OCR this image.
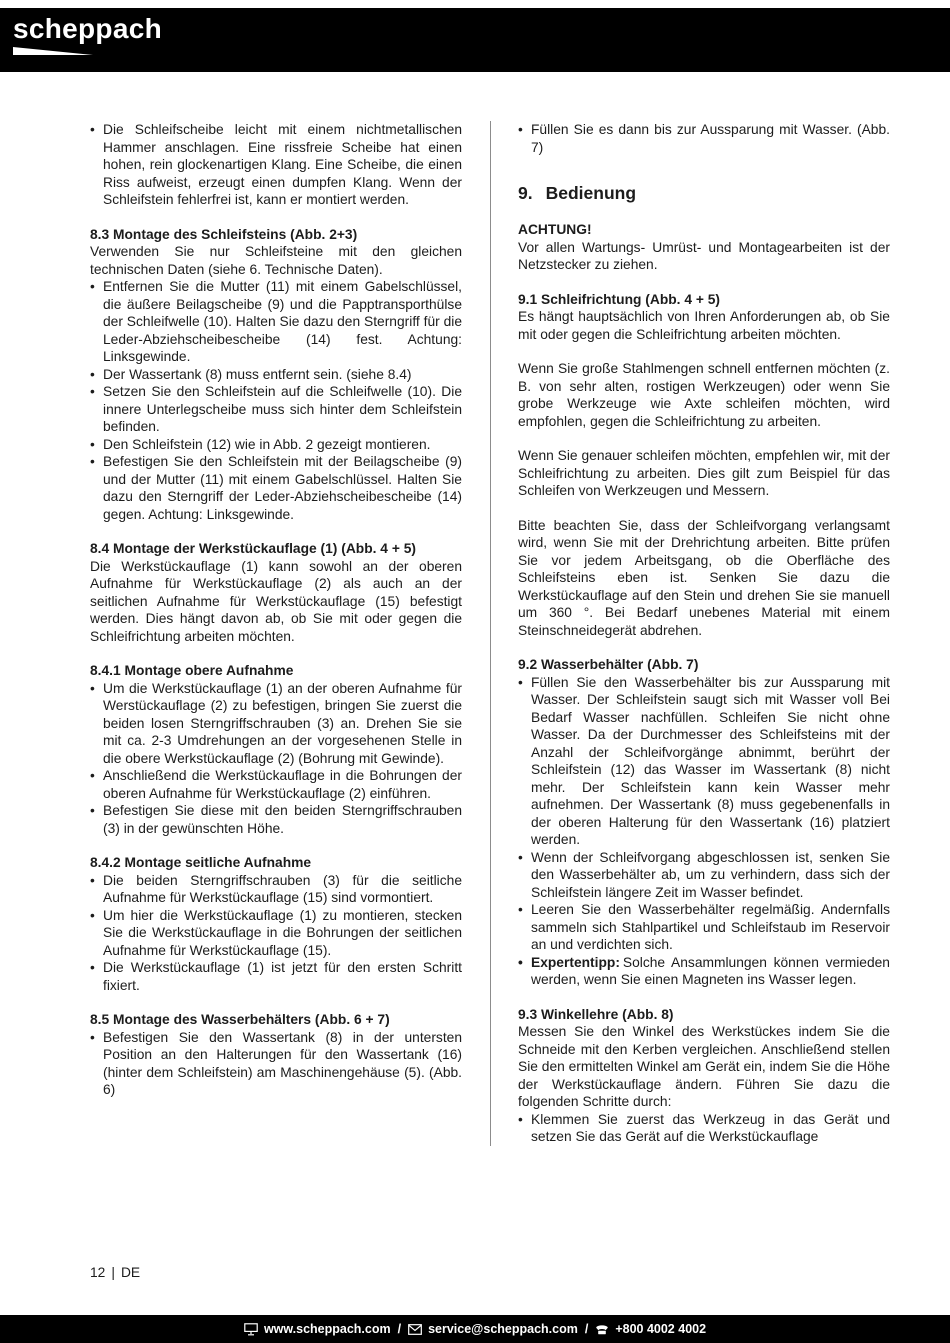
scheppach
• Die Schleifscheibe leicht mit einem nichtmetallischen Hammer anschlagen. Eine rissfreie Scheibe hat einen hohen, rein glockenartigen Klang. Eine Scheibe, die einen Riss aufweist, erzeugt einen dumpfen Klang. Wenn der Schleifstein fehlerfrei ist, kann er montiert werden.
8.3 Montage des Schleifsteins (Abb. 2+3)

Verwenden Sie nur Schleifsteine mit den gleichen technischen Daten (siehe 6. Technische Daten).

• Entfernen Sie die Mutter (11) mit einem Gabelschlüssel, die äußere Beilagscheibe (9) und die Papptransporthülse der Schleifwelle (10). Halten Sie dazu den Sterngriff für die Leder-Abziehscheibescheibe (14) fest. Achtung: Linksgewinde.
• Der Wassertank (8) muss entfernt sein. (siehe 8.4)
• Setzen Sie den Schleifstein auf die Schleifwelle (10). Die innere Unterlegscheibe muss sich hinter dem Schleifstein befinden.
• Den Schleifstein (12) wie in Abb. 2 gezeigt montieren.
• Befestigen Sie den Schleifstein mit der Beilagscheibe (9) und der Mutter (11) mit einem Gabelschlüssel. Halten Sie dazu den Sterngriff der Leder-Abziehscheibescheibe (14) gegen. Achtung: Linksgewinde.
8.4 Montage der Werkstückauflage (1) (Abb. 4 + 5)

Die Werkstückauflage (1) kann sowohl an der oberen Aufnahme für Werkstückauflage (2) als auch an der seitlichen Aufnahme für Werkstückauflage (15) befestigt werden. Dies hängt davon ab, ob Sie mit oder gegen die Schleifrichtung arbeiten möchten.

8.4.1 Montage obere Aufnahme
• Um die Werkstückauflage (1) an der oberen Aufnahme für Werstückauflage (2) zu befestigen, bringen Sie zuerst die beiden losen Sterngriffschrauben (3) an. Drehen Sie sie mit ca. 2-3 Umdrehungen an der vorgesehenen Stelle in die obere Werkstückauflage (2) (Bohrung mit Gewinde).
• Anschließend die Werkstückauflage in die Bohrungen der oberen Aufnahme für Werkstückauflage (2) einführen.
• Befestigen Sie diese mit den beiden Sterngriffschrauben (3) in der gewünschten Höhe.
8.4.2 Montage seitliche Aufnahme
• Die beiden Sterngriffschrauben (3) für die seitliche Aufnahme für Werkstückauflage (15) sind vormontiert.
• Um hier die Werkstückauflage (1) zu montieren, stecken Sie die Werkstückauflage in die Bohrungen der seitlichen Aufnahme für Werkstückauflage (15).
• Die Werkstückauflage (1) ist jetzt für den ersten Schritt fixiert.
8.5 Montage des Wasserbehälters (Abb. 6 + 7)
• Befestigen Sie den Wassertank (8) in der untersten Position an den Halterungen für den Wassertank (16) (hinter dem Schleifstein) am Maschinengehäuse (5). (Abb. 6)
• Füllen Sie es dann bis zur Aussparung mit Wasser. (Abb. 7)
9. Bedienung
ACHTUNG!

Vor allen Wartungs- Umrüst- und Montagearbeiten ist der Netzstecker zu ziehen.

9.1 Schleifrichtung (Abb. 4 + 5)

Es hängt hauptsächlich von Ihren Anforderungen ab, ob Sie mit oder gegen die Schleifrichtung arbeiten möchten.

Wenn Sie große Stahlmengen schnell entfernen möchten (z. B. von sehr alten, rostigen Werkzeugen) oder wenn Sie grobe Werkzeuge wie Axte schleifen möchten, wird empfohlen, gegen die Schleifrichtung zu arbeiten.

Wenn Sie genauer schleifen möchten, empfehlen wir, mit der Schleifrichtung zu arbeiten. Dies gilt zum Beispiel für das Schleifen von Werkzeugen und Messern.

Bitte beachten Sie, dass der Schleifvorgang verlangsamt wird, wenn Sie mit der Drehrichtung arbeiten. Bitte prüfen Sie vor jedem Arbeitsgang, ob die Oberfläche des Schleifsteins eben ist. Senken Sie dazu die Werkstückauflage auf den Stein und drehen Sie sie manuell um 360 °. Bei Bedarf unebenes Material mit einem Steinschneidegerät abdrehen.

9.2 Wasserbehälter (Abb. 7)
• Füllen Sie den Wasserbehälter bis zur Aussparung mit Wasser. Der Schleifstein saugt sich mit Wasser voll Bei Bedarf Wasser nachfüllen. Schleifen Sie nicht ohne Wasser. Da der Durchmesser des Schleifsteins mit der Anzahl der Schleifvorgänge abnimmt, berührt der Schleifstein (12) das Wasser im Wassertank (8) nicht mehr. Der Schleifstein kann kein Wasser mehr aufnehmen. Der Wassertank (8) muss gegebenenfalls in der oberen Halterung für den Wassertank (16) platziert werden.
• Wenn der Schleifvorgang abgeschlossen ist, senken Sie den Wasserbehälter ab, um zu verhindern, dass sich der Schleifstein längere Zeit im Wasser befindet.
• Leeren Sie den Wasserbehälter regelmäßig. Andernfalls sammeln sich Stahlpartikel und Schleifstaub im Reservoir an und verdichten sich.
• Expertentipp: Solche Ansammlungen können vermieden werden, wenn Sie einen Magneten ins Wasser legen.
9.3 Winkellehre (Abb. 8)

Messen Sie den Winkel des Werkstückes indem Sie die Schneide mit den Kerben vergleichen. Anschließend stellen Sie den ermittelten Winkel am Gerät ein, indem Sie die Höhe der Werkstückauflage ändern. Führen Sie dazu die folgenden Schritte durch:

• Klemmen Sie zuerst das Werkzeug in das Gerät und setzen Sie das Gerät auf die Werkstückauflage
12 | DE
www.scheppach.com / service@scheppach.com / +800 4002 4002
